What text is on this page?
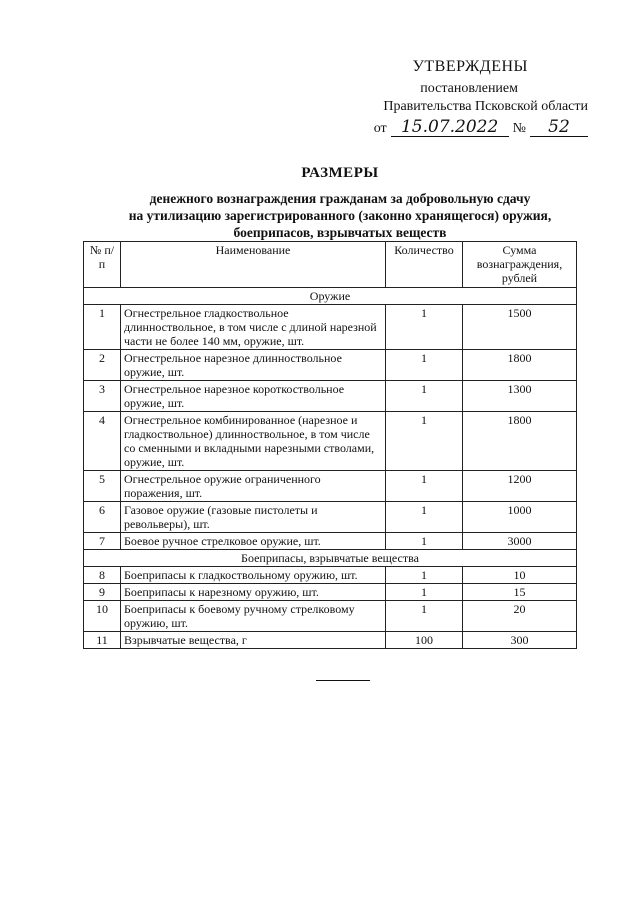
УТВЕРЖДЕНЫ
постановлением
Правительства Псковской области
от 15.07.2022	№	52
РАЗМЕРЫ
денежного вознаграждения гражданам за добровольную сдачу
на утилизацию зарегистрированного (законно хранящегося) оружия,
боеприпасов, взрывчатых веществ
№ п/п	Наименование	Количество	Сумма вознаграждения, рублей
Оружие			
1	Огнестрельное гладкоствольное длинноствольное, в том числе с длиной нарезной части не более 140 мм, оружие, шт.	1	1500
2	Огнестрельное нарезное длинноствольное оружие, шт.	1	1800
3	Огнестрельное нарезное короткоствольное оружие, шт.	1	1300
4	Огнестрельное комбинированное (нарезное и гладкоствольное) длинноствольное, в том числе со сменными и вкладными нарезными стволами, оружие, шт.	1	1800
5	Огнестрельное оружие ограниченного поражения, шт.	1	1200
6	Газовое оружие (газовые пистолеты и револьверы), шт.	1	1000
7	Боевое ручное стрелковое оружие, шт.	1	3000
Боеприпасы, взрывчатые вещества			
8	Боеприпасы к гладкоствольному оружию, шт.	1	10
9	Боеприпасы к нарезному оружию, шт.	1	15
10	Боеприпасы к боевому ручному стрелковому оружию, шт.	1	20
11	Взрывчатые вещества, г	100	300
